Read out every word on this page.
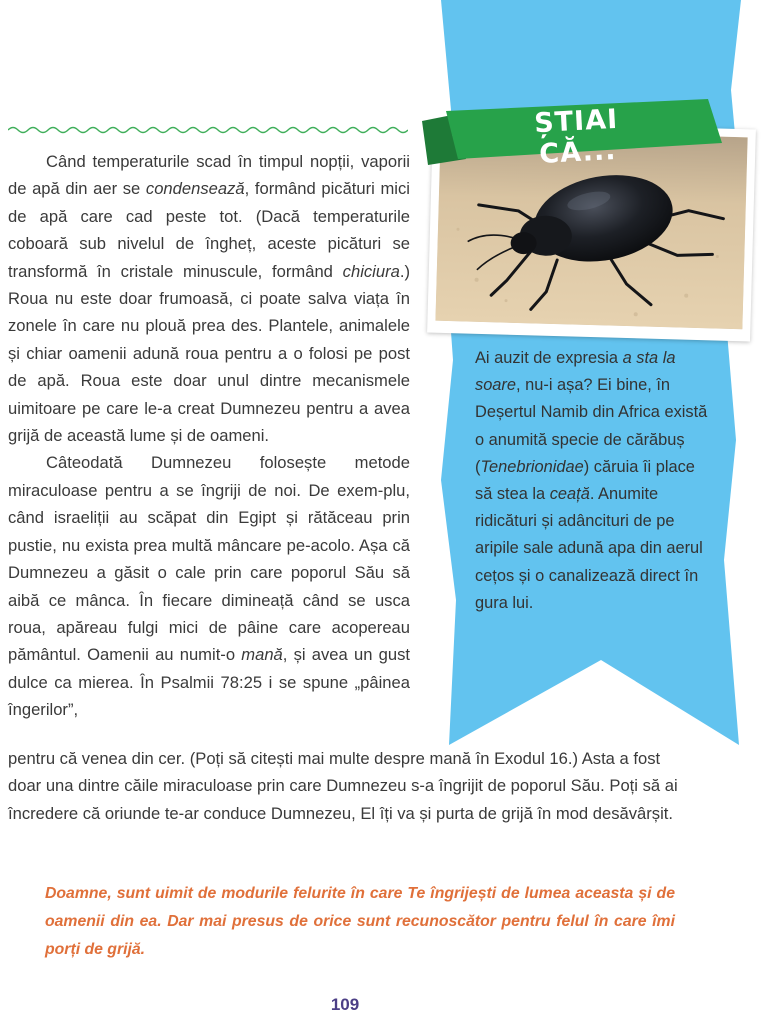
Când temperaturile scad în timpul nopții, vaporii de apă din aer se condensează, formând picături mici de apă care cad peste tot. (Dacă temperaturile coboară sub nivelul de îngheț, aceste picături se transformă în cristale minuscule, formând chiciura.) Roua nu este doar frumoasă, ci poate salva viața în zonele în care nu plouă prea des. Plantele, animalele și chiar oamenii adună roua pentru a o folosi pe post de apă. Roua este doar unul dintre mecanismele uimitoare pe care le-a creat Dumnezeu pentru a avea grijă de această lume și de oameni.

Câteodată Dumnezeu folosește metode miraculoase pentru a se îngriji de noi. De exem-plu, când israeliții au scăpat din Egipt și rătăceau prin pustie, nu exista prea multă mâncare pe-acolo. Așa că Dumnezeu a găsit o cale prin care poporul Său să aibă ce mânca. În fiecare dimineață când se usca roua, apăreau fulgi mici de pâine care acopereau pământul. Oamenii au numit-o mană, și avea un gust dulce ca mierea. În Psalmii 78:25 i se spune „pâinea îngerilor”,

pentru că venea din cer. (Poți să citești mai multe despre mană în Exodul 16.) Asta a fost doar una dintre căile miraculoase prin care Dumnezeu s-a îngrijit de poporul Său. Poți să ai încredere că oriunde te-ar conduce Dumnezeu, El îți va și purta de grijă în mod desăvârșit.

ȘTIAI CĂ...

Ai auzit de expresia a sta la soare, nu-i așa? Ei bine, în Deșertul Namib din Africa există o anumită specie de cărăbuș (Tenebrionidae) căruia îi place să stea la ceață. Anumite ridicături și adâncituri de pe aripile sale adună apa din aerul cețos și o canalizează direct în gura lui.

Doamne, sunt uimit de modurile felurite în care Te îngrijești de lumea aceasta și de oamenii din ea. Dar mai presus de orice sunt recunoscător pentru felul în care îmi porți de grijă.

109
